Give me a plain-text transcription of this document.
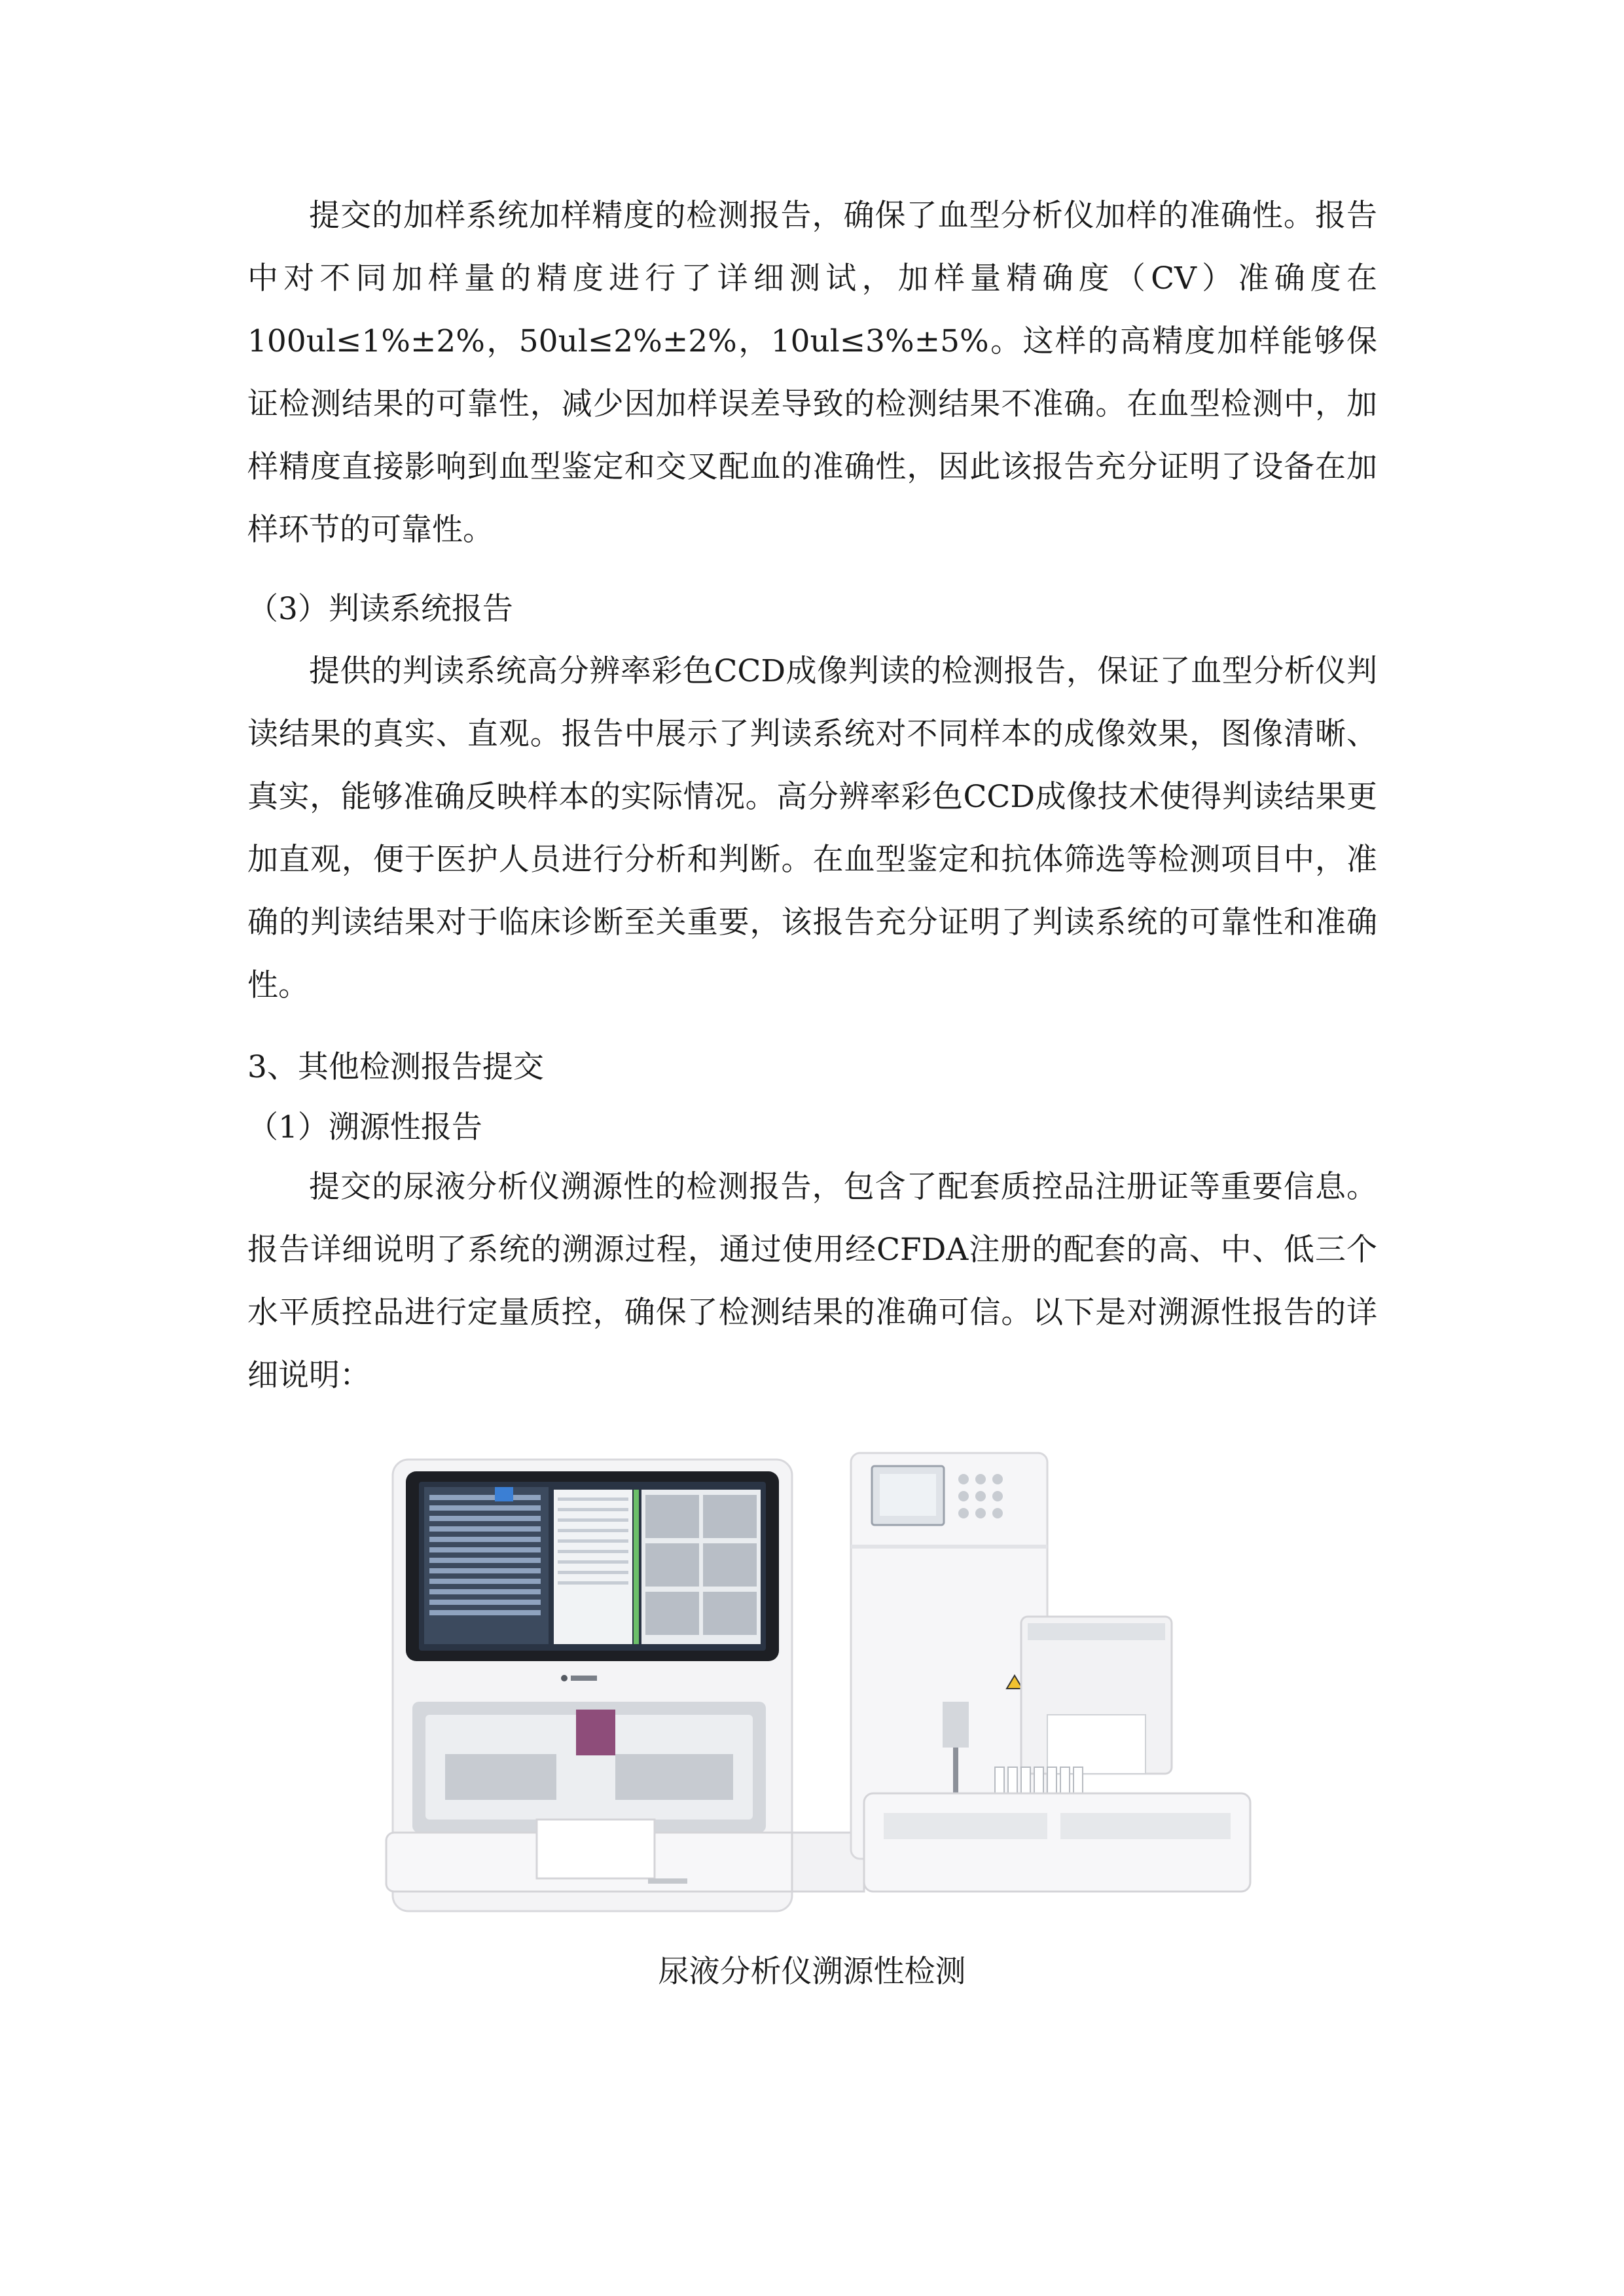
提交的加样系统加样精度的检测报告，确保了血型分析仪加样的准确性。报告中对不同加样量的精度进行了详细测试，加样量精确度（CV）准确度在100ul≤1%±2%，50ul≤2%±2%，10ul≤3%±5%。这样的高精度加样能够保证检测结果的可靠性，减少因加样误差导致的检测结果不准确。在血型检测中，加样精度直接影响到血型鉴定和交叉配血的准确性，因此该报告充分证明了设备在加样环节的可靠性。

（3）判读系统报告

提供的判读系统高分辨率彩色CCD成像判读的检测报告，保证了血型分析仪判读结果的真实、直观。报告中展示了判读系统对不同样本的成像效果，图像清晰、真实，能够准确反映样本的实际情况。高分辨率彩色CCD成像技术使得判读结果更加直观，便于医护人员进行分析和判断。在血型鉴定和抗体筛选等检测项目中，准确的判读结果对于临床诊断至关重要，该报告充分证明了判读系统的可靠性和准确性。

3、其他检测报告提交

（1）溯源性报告

提交的尿液分析仪溯源性的检测报告，包含了配套质控品注册证等重要信息。报告详细说明了系统的溯源过程，通过使用经CFDA注册的配套的高、中、低三个水平质控品进行定量质控，确保了检测结果的准确可信。以下是对溯源性报告的详细说明：

尿液分析仪溯源性检测
